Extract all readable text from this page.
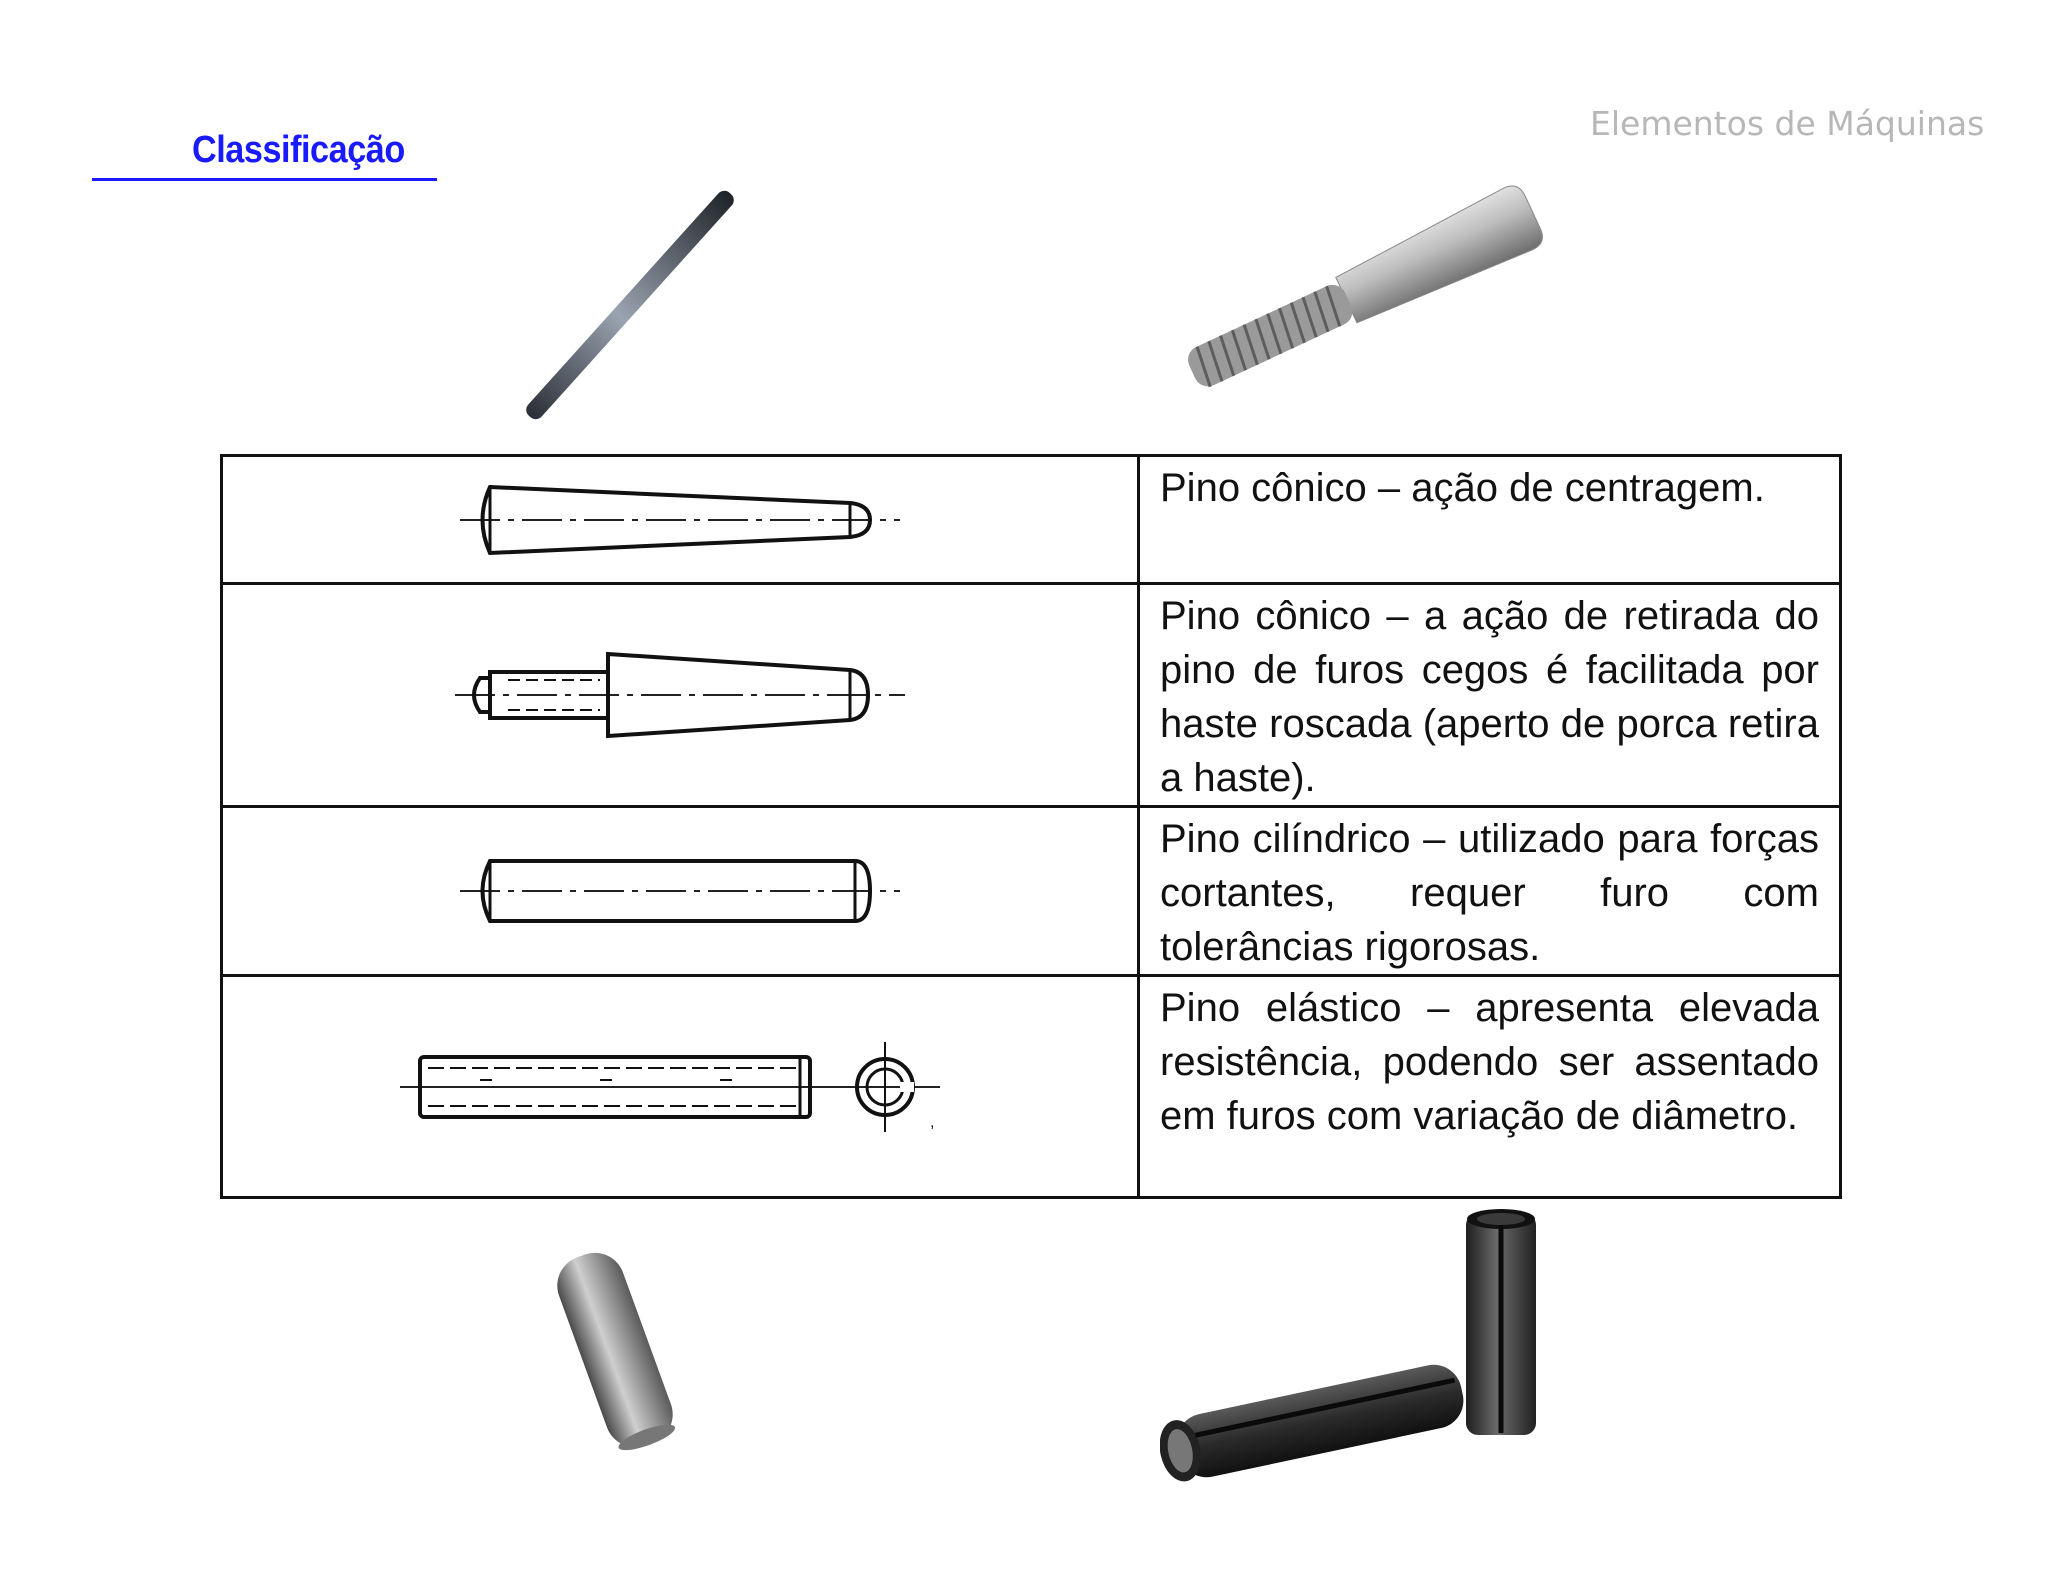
Elementos de Máquinas
Classificação
	Pino cônico – ação de centragem.

	Pino cônico – a ação de retirada do pino de furos cegos é facilitada por haste roscada (aperto de porca retira a haste).

	Pino cilíndrico – utilizado para forças cortantes, requer furo com tolerâncias rigorosas.

,	Pino elástico – apresenta elevada resistência, podendo ser assentado em furos com variação de diâmetro.
